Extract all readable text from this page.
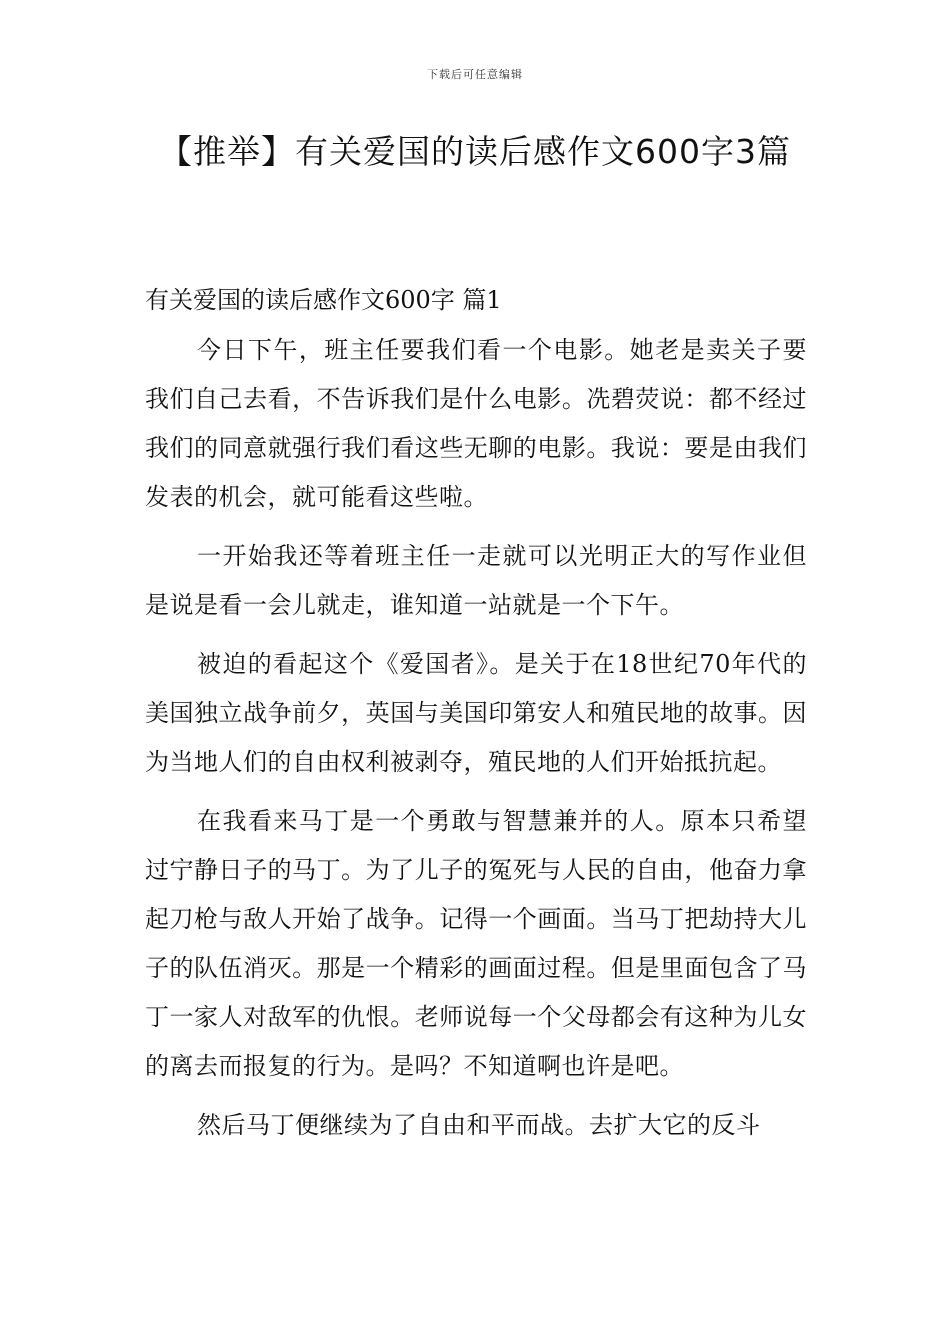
下载后可任意编辑
【推举】有关爱国的读后感作文600字3篇
有关爱国的读后感作文600字 篇1

今日下午，班主任要我们看一个电影。她老是卖关子要我们自己去看，不告诉我们是什么电影。冼碧荧说：都不经过我们的同意就强行我们看这些无聊的电影。我说：要是由我们发表的机会，就可能看这些啦。

一开始我还等着班主任一走就可以光明正大的写作业但是说是看一会儿就走，谁知道一站就是一个下午。

被迫的看起这个《爱国者》。是关于在18世纪70年代的美国独立战争前夕，英国与美国印第安人和殖民地的故事。因为当地人们的自由权利被剥夺，殖民地的人们开始抵抗起。

在我看来马丁是一个勇敢与智慧兼并的人。原本只希望过宁静日子的马丁。为了儿子的冤死与人民的自由，他奋力拿起刀枪与敌人开始了战争。记得一个画面。当马丁把劫持大儿子的队伍消灭。那是一个精彩的画面过程。但是里面包含了马丁一家人对敌军的仇恨。老师说每一个父母都会有这种为儿女的离去而报复的行为。是吗？不知道啊也许是吧。

然后马丁便继续为了自由和平而战。去扩大它的反斗
